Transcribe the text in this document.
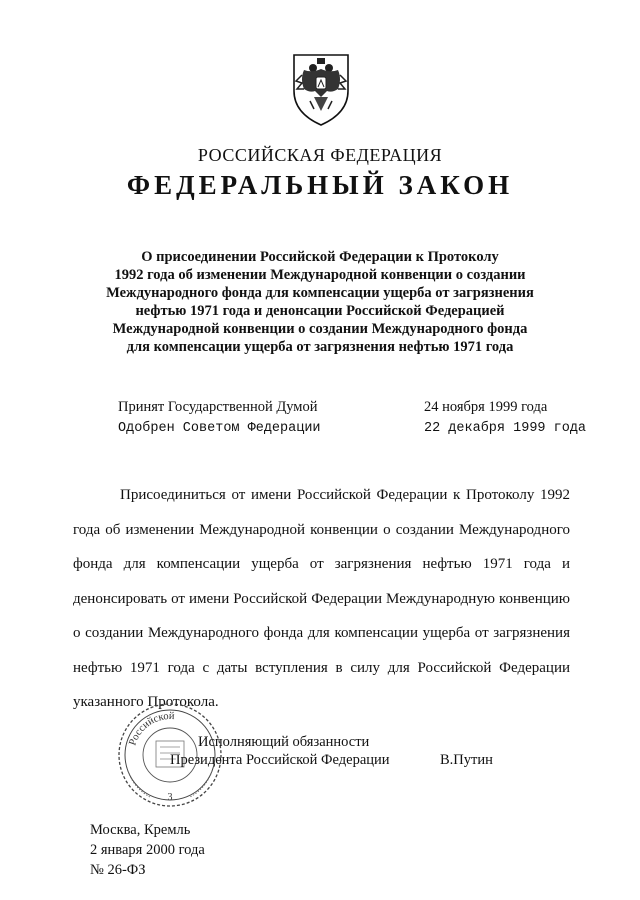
РОССИЙСКАЯ ФЕДЕРАЦИЯ
ФЕДЕРАЛЬНЫЙ ЗАКОН
О присоединении Российской Федерации к Протоколу
1992 года об изменении Международной конвенции о создании
Международного фонда для компенсации ущерба от загрязнения
нефтью 1971 года и денонсации Российской Федерацией
Международной конвенции о создании Международного фонда
для компенсации ущерба от загрязнения нефтью 1971 года
Принят Государственной Думой	24 ноября 1999 года
Одобрен Советом Федерации	22 декабря 1999 года
Присоединиться от имени Российской Федерации к Протоколу 1992 года об изменении Международной конвенции о создании Международного фонда для компенсации ущерба от загрязнения нефтью 1971 года и денонсировать от имени Российской Федерации Международную конвенцию о создании Международного фонда для компенсации ущерба от загрязнения нефтью 1971 года с даты вступления в силу для Российской Федерации указанного Протокола.
Российской
3
Исполняющий обязанности
Президента Российской Федерации	В.Путин
Москва, Кремль
2 января 2000 года
№ 26-ФЗ
